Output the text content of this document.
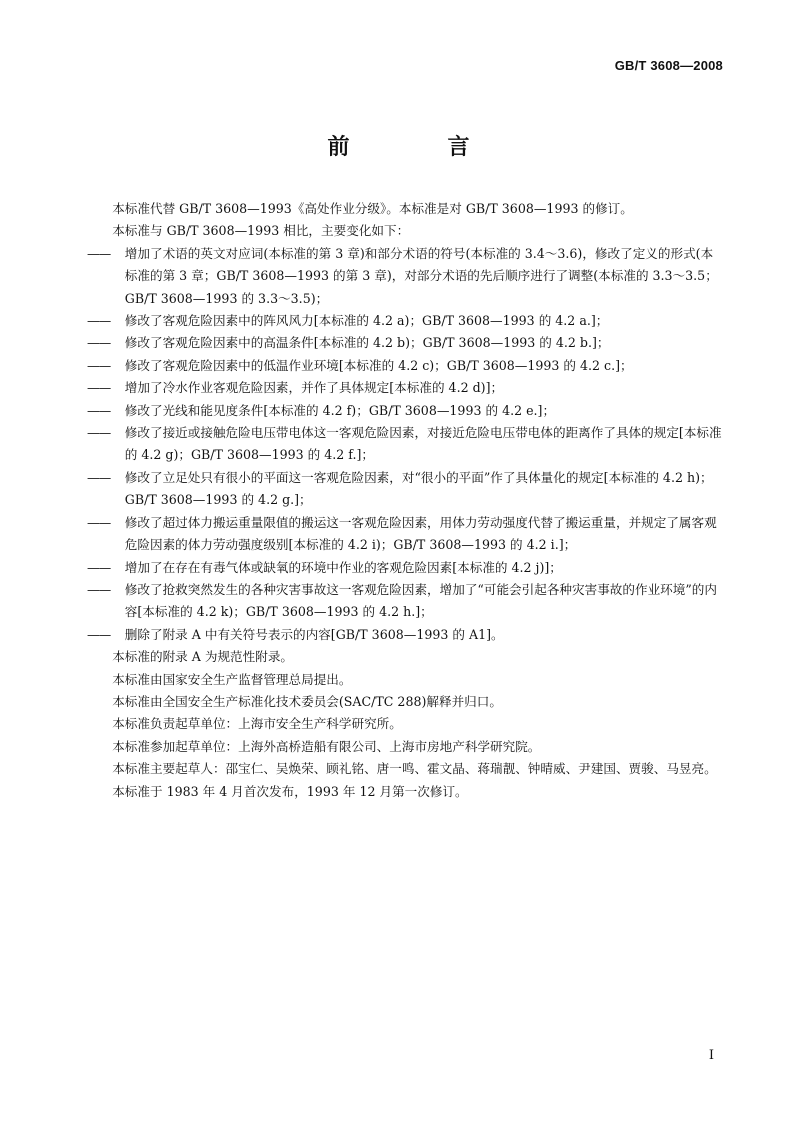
GB/T 3608—2008
前　言

本标准代替 GB/T 3608—1993《高处作业分级》。本标准是对 GB/T 3608—1993 的修订。

本标准与 GB/T 3608—1993 相比，主要变化如下：

—— 增加了术语的英文对应词(本标准的第 3 章)和部分术语的符号(本标准的 3.4～3.6)，修改了定义的形式(本标准的第 3 章；GB/T 3608—1993 的第 3 章)，对部分术语的先后顺序进行了调整(本标准的 3.3～3.5；GB/T 3608—1993 的 3.3～3.5)；

—— 修改了客观危险因素中的阵风风力[本标准的 4.2 a)；GB/T 3608—1993 的 4.2 a.]；

—— 修改了客观危险因素中的高温条件[本标准的 4.2 b)；GB/T 3608—1993 的 4.2 b.]；

—— 修改了客观危险因素中的低温作业环境[本标准的 4.2 c)；GB/T 3608—1993 的 4.2 c.]；

—— 增加了冷水作业客观危险因素，并作了具体规定[本标准的 4.2 d)]；

—— 修改了光线和能见度条件[本标准的 4.2 f)；GB/T 3608—1993 的 4.2 e.]；

—— 修改了接近或接触危险电压带电体这一客观危险因素，对接近危险电压带电体的距离作了具体的规定[本标准的 4.2 g)；GB/T 3608—1993 的 4.2 f.]；

—— 修改了立足处只有很小的平面这一客观危险因素，对“很小的平面”作了具体量化的规定[本标准的 4.2 h)；GB/T 3608—1993 的 4.2 g.]；

—— 修改了超过体力搬运重量限值的搬运这一客观危险因素，用体力劳动强度代替了搬运重量，并规定了属客观危险因素的体力劳动强度级别[本标准的 4.2 i)；GB/T 3608—1993 的 4.2 i.]；

—— 增加了在存在有毒气体或缺氧的环境中作业的客观危险因素[本标准的 4.2 j)]；

—— 修改了抢救突然发生的各种灾害事故这一客观危险因素，增加了“可能会引起各种灾害事故的作业环境”的内容[本标准的 4.2 k)；GB/T 3608—1993 的 4.2 h.]；

—— 删除了附录 A 中有关符号表示的内容[GB/T 3608—1993 的 A1]。

本标准的附录 A 为规范性附录。

本标准由国家安全生产监督管理总局提出。

本标准由全国安全生产标准化技术委员会(SAC/TC 288)解释并归口。

本标准负责起草单位：上海市安全生产科学研究所。

本标准参加起草单位：上海外高桥造船有限公司、上海市房地产科学研究院。

本标准主要起草人：邵宝仁、吴焕荣、顾礼铭、唐一鸣、霍文晶、蒋瑞靓、钟晴威、尹建国、贾骏、马昱亮。

本标准于 1983 年 4 月首次发布，1993 年 12 月第一次修订。

I
